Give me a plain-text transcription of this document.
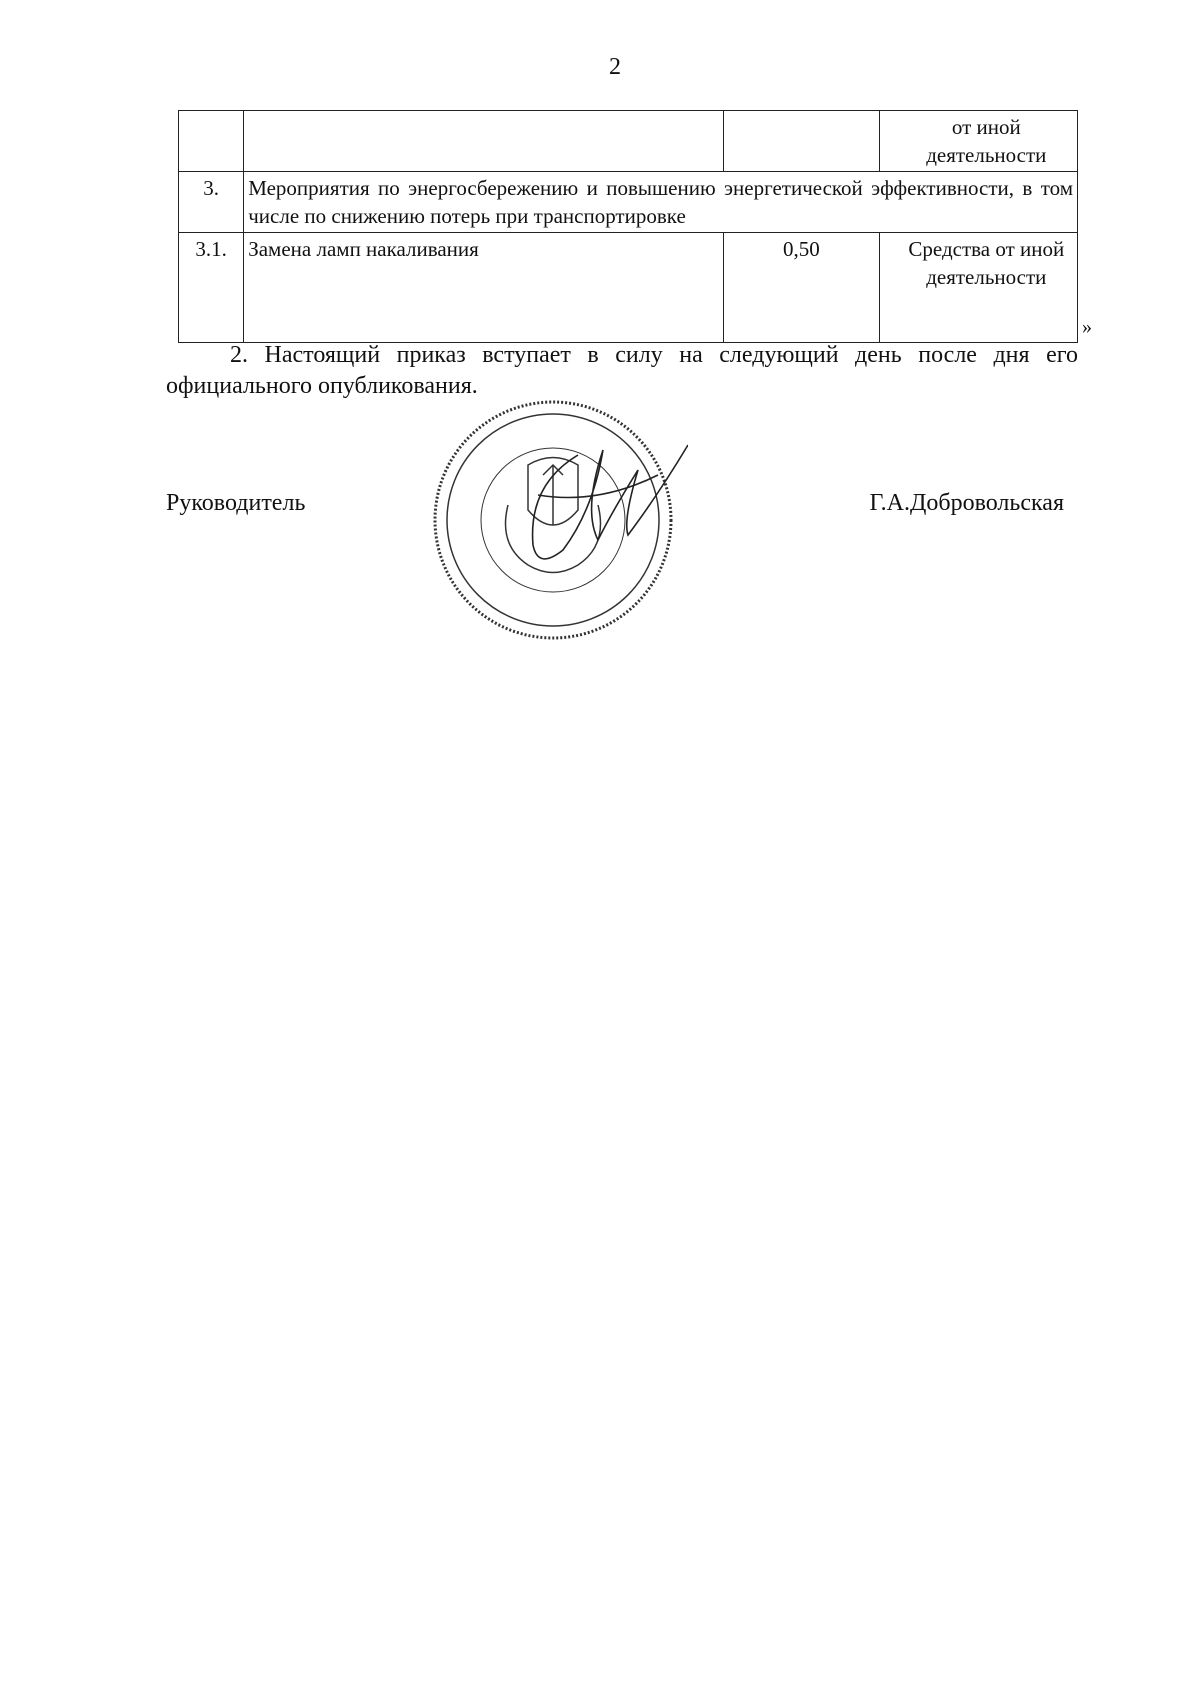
2
			от иной деятельности
3.	Мероприятия по энергосбережению и повышению энергетической эффективности, в том числе по снижению потерь при транспортировке		

3.1.	Замена ламп накаливания	0,50	Средства от иной деятельности
»
2. Настоящий приказ вступает в силу на следующий день после дня его официального опубликования.
Руководитель	Г.А.Добровольская
